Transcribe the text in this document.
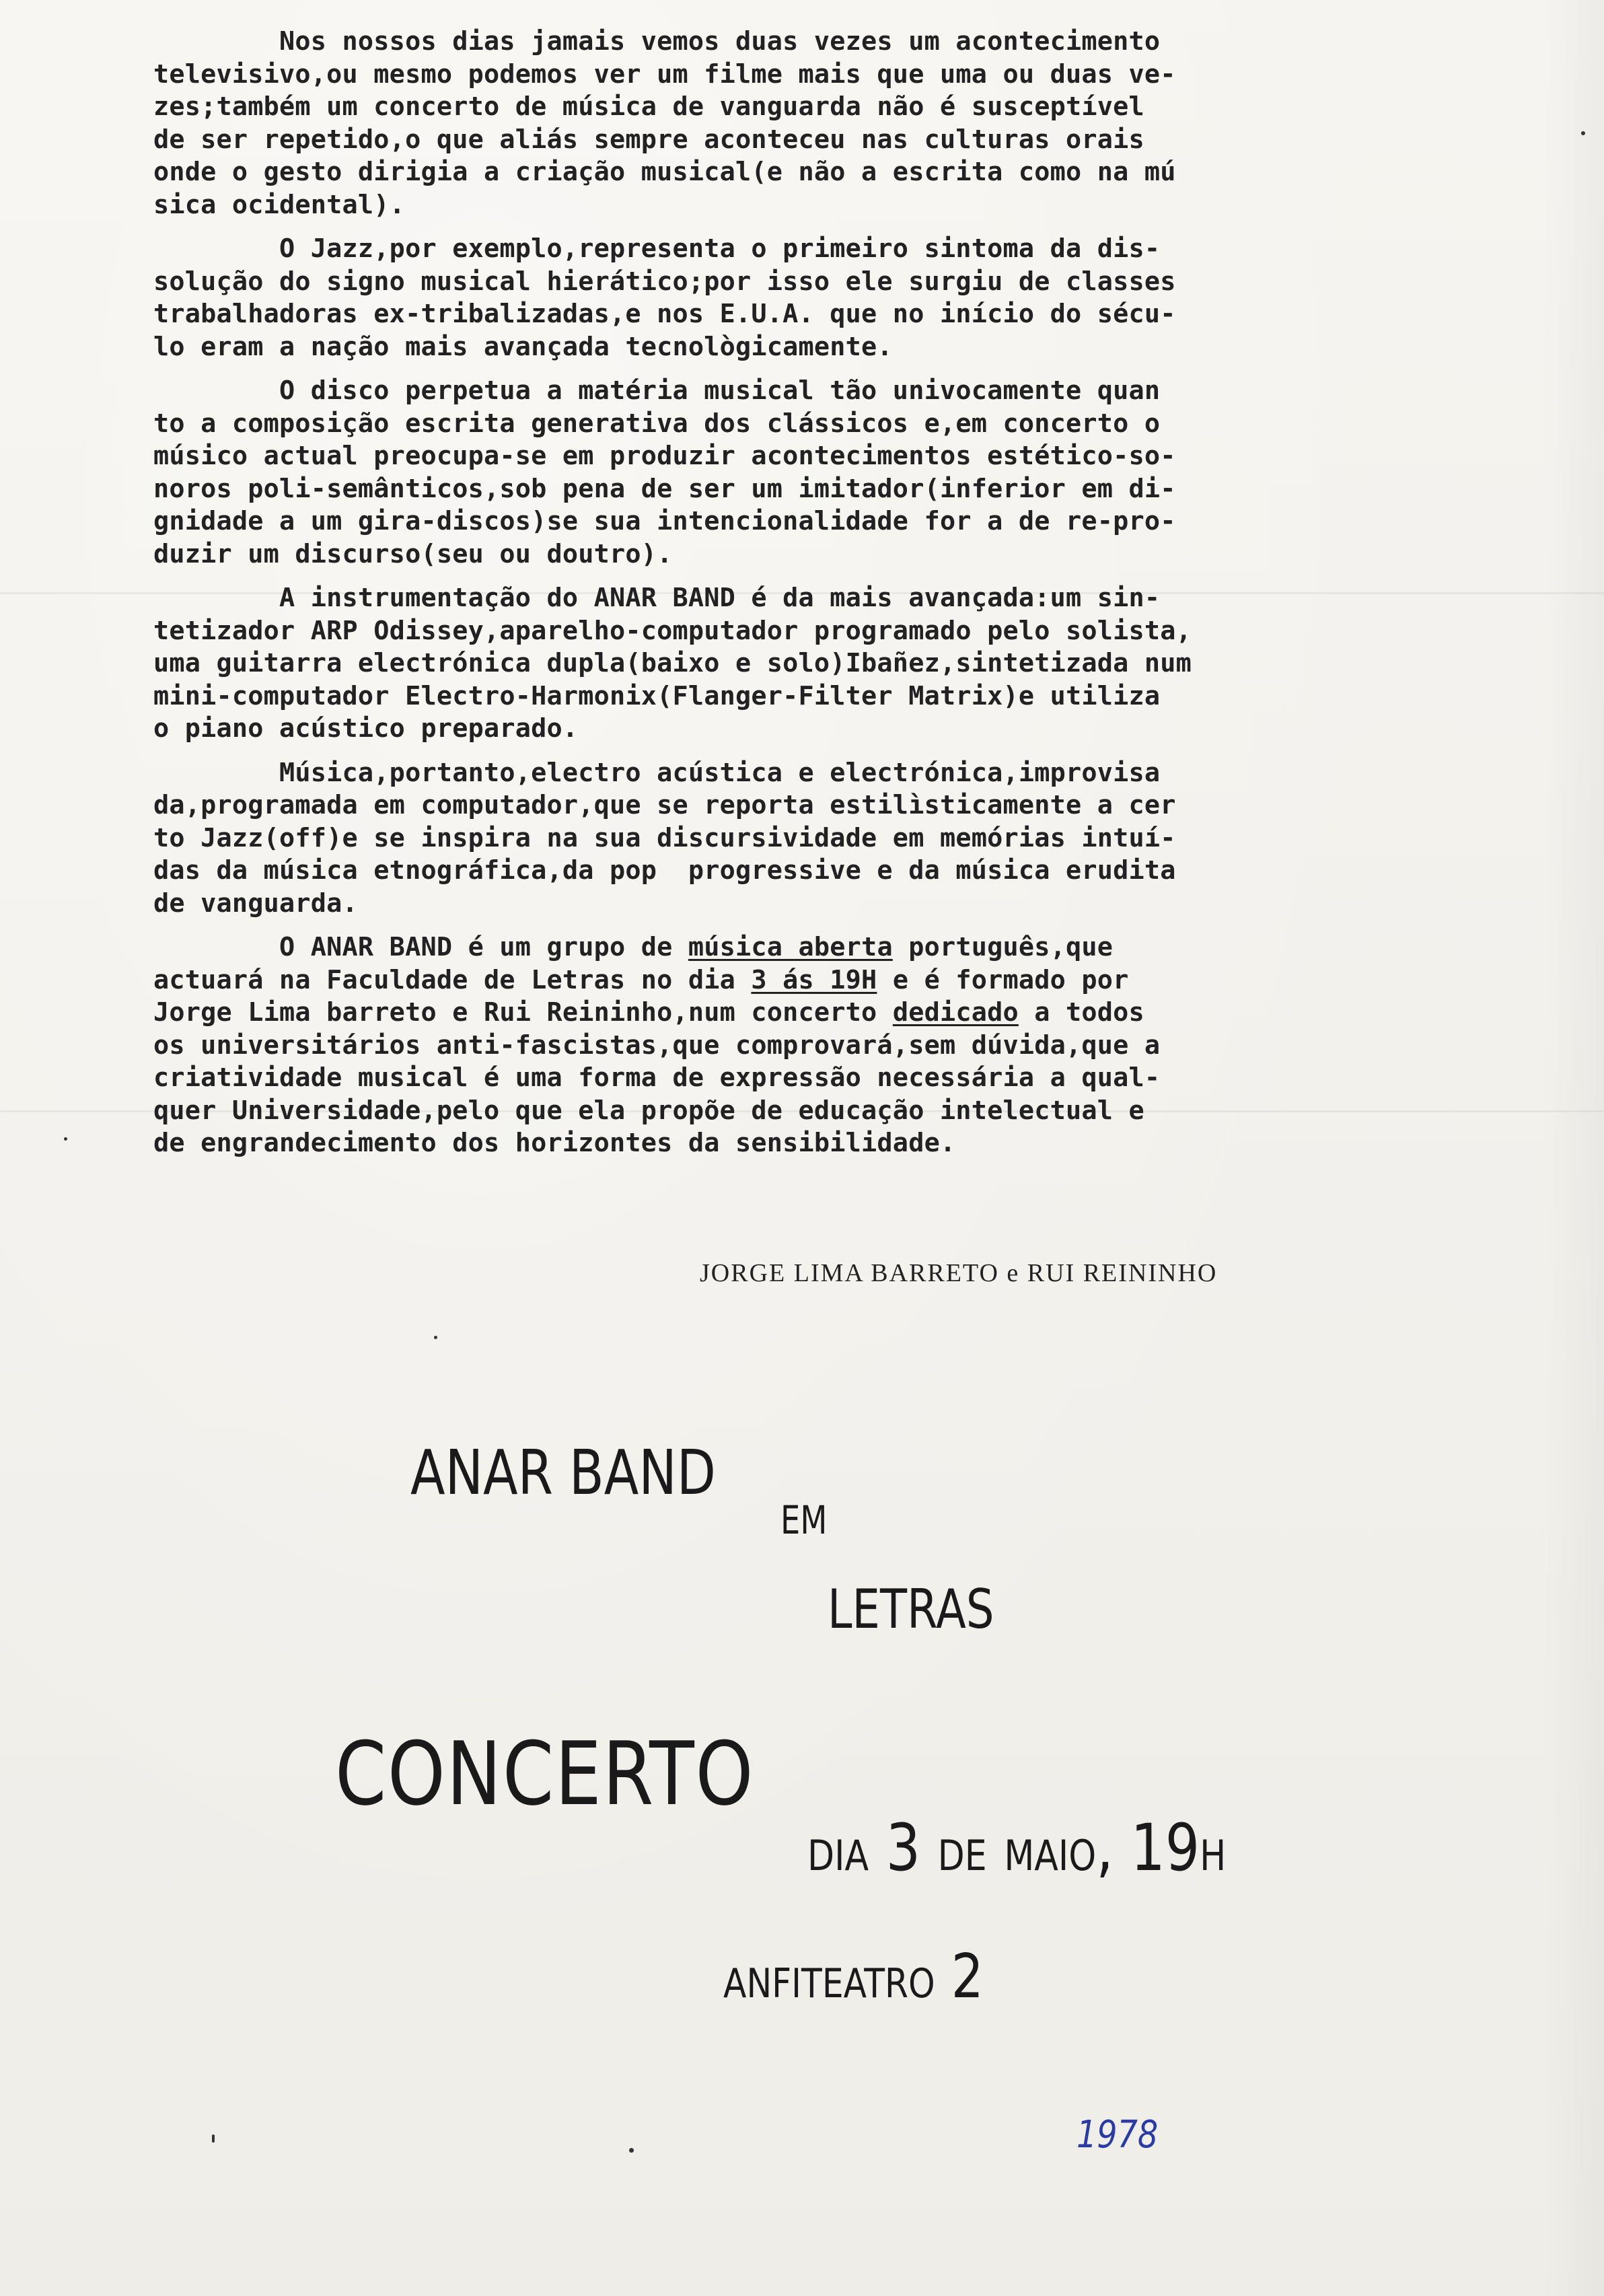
Nos nossos dias jamais vemos duas vezes um acontecimento
televisivo,ou mesmo podemos ver um filme mais que uma ou duas ve-
zes;também um concerto de música de vanguarda não é susceptível
de ser repetido,o que aliás sempre aconteceu nas culturas orais
onde o gesto dirigia a criação musical(e não a escrita como na mú
sica ocidental).
O Jazz,por exemplo,representa o primeiro sintoma da dis-
solução do signo musical hierático;por isso ele surgiu de classes
trabalhadoras ex-tribalizadas,e nos E.U.A. que no início do sécu-
lo eram a nação mais avançada tecnològicamente.
O disco perpetua a matéria musical tão univocamente quan
to a composição escrita generativa dos clássicos e,em concerto o
músico actual preocupa-se em produzir acontecimentos estético-so-
noros poli-semânticos,sob pena de ser um imitador(inferior em di-
gnidade a um gira-discos)se sua intencionalidade for a de re-pro-
duzir um discurso(seu ou doutro).
A instrumentação do ANAR BAND é da mais avançada:um sin-
tetizador ARP Odissey,aparelho-computador programado pelo solista,
uma guitarra electrónica dupla(baixo e solo)Ibañez,sintetizada num
mini-computador Electro-Harmonix(Flanger-Filter Matrix)e utiliza
o piano acústico preparado.
Música,portanto,electro acústica e electrónica,improvisa
da,programada em computador,que se reporta estilìsticamente a cer
to Jazz(off)e se inspira na sua discursividade em memórias intuí-
das da música etnográfica,da pop  progressive e da música erudita
de vanguarda.
O ANAR BAND é um grupo de música aberta português,que
actuará na Faculdade de Letras no dia 3 ás 19H e é formado por
Jorge Lima barreto e Rui Reininho,num concerto dedicado a todos
os universitários anti-fascistas,que comprovará,sem dúvida,que a
criatividade musical é uma forma de expressão necessária a qual-
quer Universidade,pelo que ela propõe de educação intelectual e
de engrandecimento dos horizontes da sensibilidade.
JORGE LIMA BARRETO e RUI REININHO
ANAR BAND
EM
LETRAS
CONCERTO
DIA 3 DE MAIO, 19H
ANFITEATRO 2
1978
